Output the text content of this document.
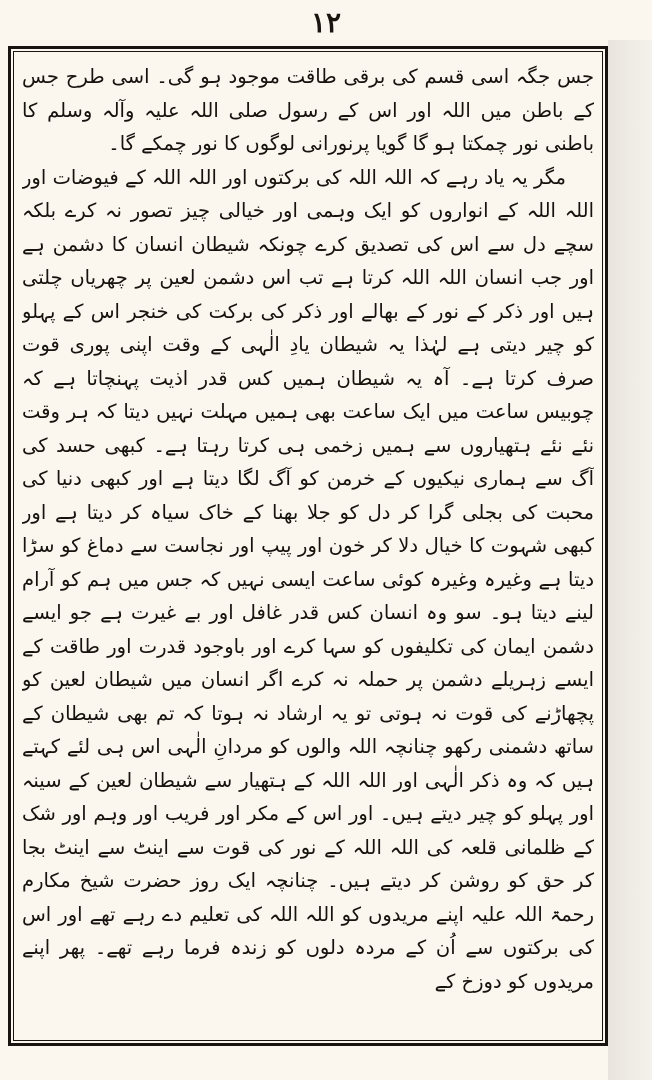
۱۲

جس جگہ اسی قسم کی برقی طاقت موجود ہو گی۔ اسی طرح جس کے باطن میں اللہ اور اس کے رسول صلی اللہ علیہ وآلہ وسلم کا باطنی نور چمکتا ہو گا گویا پرنورانی لوگوں کا نور چمکے گا۔

مگر یہ یاد رہے کہ اللہ اللہ کی برکتوں اور اللہ اللہ کے فیوضات اور اللہ اللہ کے انواروں کو ایک وہمی اور خیالی چیز تصور نہ کرے بلکہ سچے دل سے اس کی تصدیق کرے چونکہ شیطان انسان کا دشمن ہے اور جب انسان اللہ اللہ کرتا ہے تب اس دشمن لعین پر چھریاں چلتی ہیں اور ذکر کے نور کے بھالے اور ذکر کی برکت کی خنجر اس کے پہلو کو چیر دیتی ہے لہٰذا یہ شیطان یادِ الٰہی کے وقت اپنی پوری قوت صرف کرتا ہے۔ آہ یہ شیطان ہمیں کس قدر اذیت پہنچاتا ہے کہ چوبیس ساعت میں ایک ساعت بھی ہمیں مہلت نہیں دیتا کہ ہر وقت نئے نئے ہتھیاروں سے ہمیں زخمی ہی کرتا رہتا ہے۔ کبھی حسد کی آگ سے ہماری نیکیوں کے خرمن کو آگ لگا دیتا ہے اور کبھی دنیا کی محبت کی بجلی گرا کر دل کو جلا بھنا کے خاک سیاہ کر دیتا ہے اور کبھی شہوت کا خیال دلا کر خون اور پیپ اور نجاست سے دماغ کو سڑا دیتا ہے وغیرہ وغیرہ کوئی ساعت ایسی نہیں کہ جس میں ہم کو آرام لینے دیتا ہو۔ سو وہ انسان کس قدر غافل اور بے غیرت ہے جو ایسے دشمن ایمان کی تکلیفوں کو سہا کرے اور باوجود قدرت اور طاقت کے ایسے زہریلے دشمن پر حملہ نہ کرے اگر انسان میں شیطان لعین کو پچھاڑنے کی قوت نہ ہوتی تو یہ ارشاد نہ ہوتا کہ تم بھی شیطان کے ساتھ دشمنی رکھو چنانچہ اللہ والوں کو مردانِ الٰہی اس ہی لئے کہتے ہیں کہ وہ ذکر الٰہی اور اللہ اللہ کے ہتھیار سے شیطان لعین کے سینہ اور پہلو کو چیر دیتے ہیں۔ اور اس کے مکر اور فریب اور وہم اور شک کے ظلمانی قلعہ کی اللہ اللہ کے نور کی قوت سے اینٹ سے اینٹ بجا کر حق کو روشن کر دیتے ہیں۔ چنانچہ ایک روز حضرت شیخ مکارم رحمۃ اللہ علیہ اپنے مریدوں کو اللہ اللہ کی تعلیم دے رہے تھے اور اس کی برکتوں سے اُن کے مردہ دلوں کو زندہ فرما رہے تھے۔ پھر اپنے مریدوں کو دوزخ کے
